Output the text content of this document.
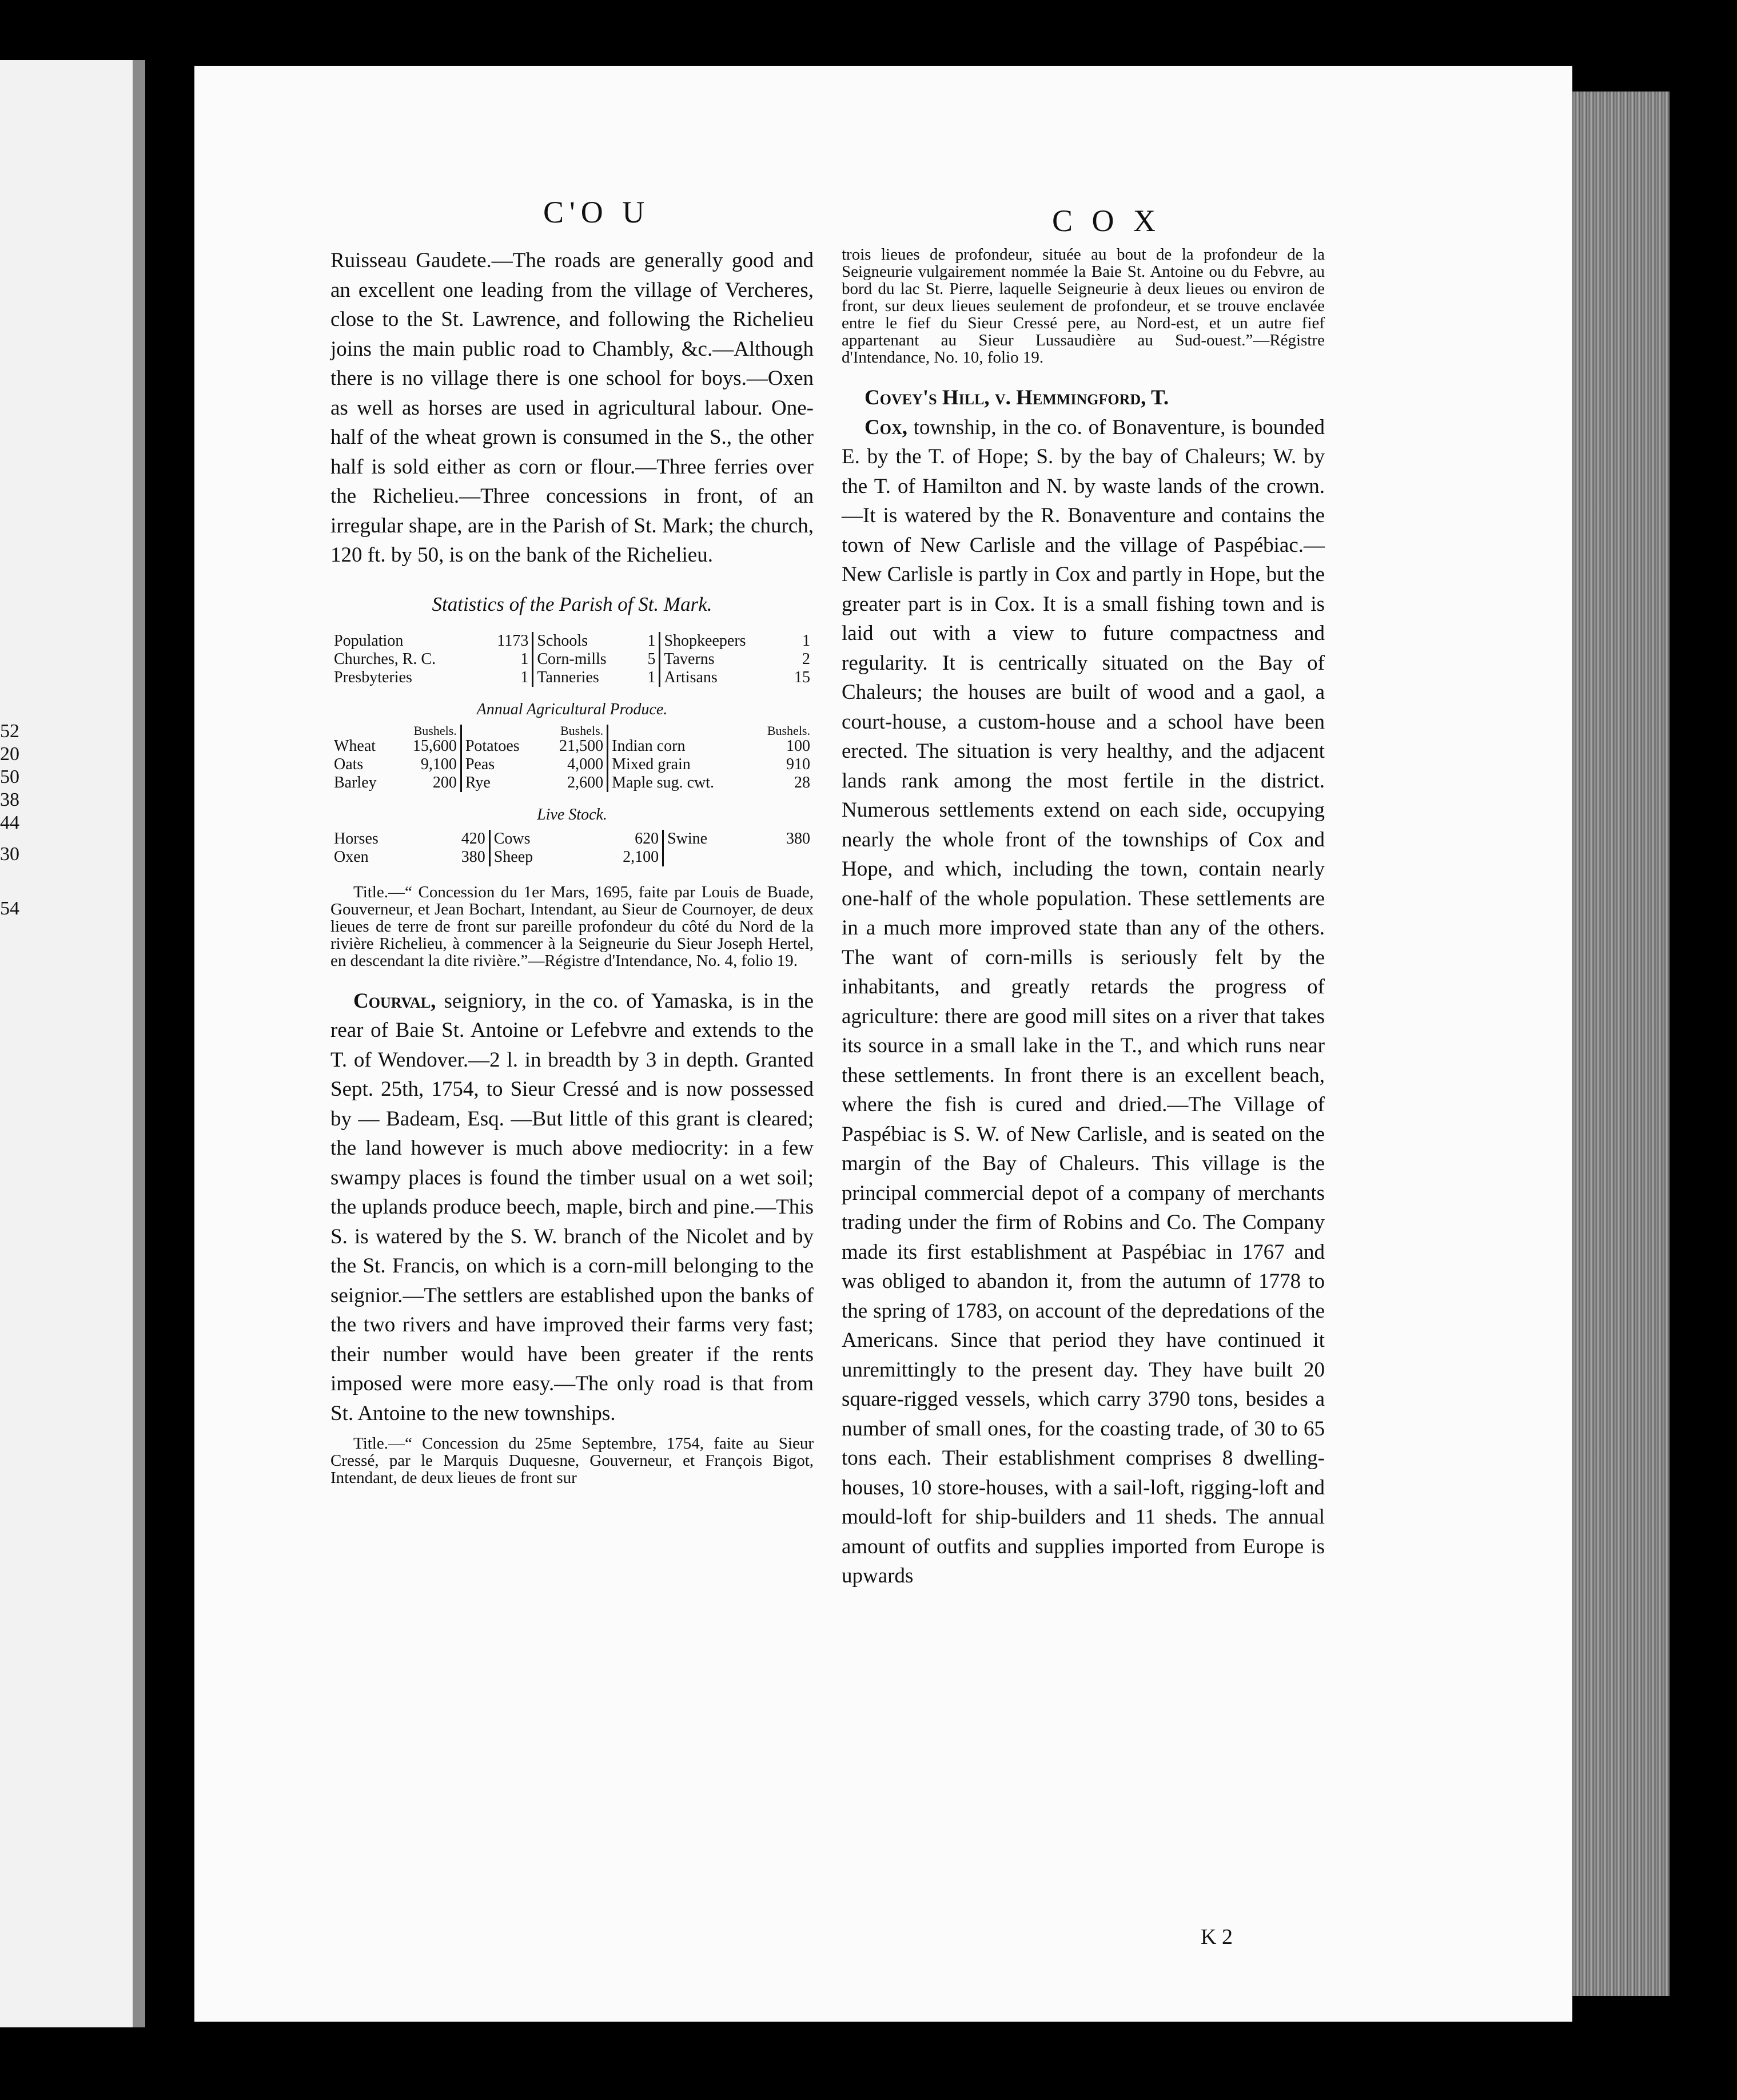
52
20
50
38
44
30
54
C'O U	C O X

Ruisseau Gaudete.—The roads are generally good and an excellent one leading from the village of Vercheres, close to the St. Lawrence, and following the Richelieu joins the main public road to Chambly, &c.—Although there is no village there is one school for boys.—Oxen as well as horses are used in agricultural labour. One-half of the wheat grown is consumed in the S., the other half is sold either as corn or flour.—Three ferries over the Richelieu.—Three concessions in front, of an irregular shape, are in the Parish of St. Mark; the church, 120 ft. by 50, is on the bank of the Richelieu.

Statistics of the Parish of St. Mark.
Population	1173	Schools	1	Shopkeepers	1
Churches, R. C.	1	Corn-mills	5	Taverns	2
Presbyteries	1	Tanneries	1	Artisans	15
Annual Agricultural Produce.
	Bushels.		Bushels.		Bushels.
Wheat	15,600	Potatoes	21,500	Indian corn	100
Oats	9,100	Peas	4,000	Mixed grain	910
Barley	200	Rye	2,600	Maple sug. cwt.	28
Live Stock.
Horses	420	Cows	620	Swine	380
Oxen	380	Sheep	2,100		

Title.—“ Concession du 1er Mars, 1695, faite par Louis de Buade, Gouverneur, et Jean Bochart, Intendant, au Sieur de Cournoyer, de deux lieues de terre de front sur pareille profondeur du côté du Nord de la rivière Richelieu, à commencer à la Seigneurie du Sieur Joseph Hertel, en descendant la dite rivière.”—Régistre d'Intendance, No. 4, folio 19.

Courval, seigniory, in the co. of Yamaska, is in the rear of Baie St. Antoine or Lefebvre and extends to the T. of Wendover.—2 l. in breadth by 3 in depth. Granted Sept. 25th, 1754, to Sieur Cressé and is now possessed by — Badeam, Esq. —But little of this grant is cleared; the land however is much above mediocrity: in a few swampy places is found the timber usual on a wet soil; the uplands produce beech, maple, birch and pine.—This S. is watered by the S. W. branch of the Nicolet and by the St. Francis, on which is a corn-mill belonging to the seignior.—The settlers are established upon the banks of the two rivers and have improved their farms very fast; their number would have been greater if the rents imposed were more easy.—The only road is that from St. Antoine to the new townships.

Title.—“ Concession du 25me Septembre, 1754, faite au Sieur Cressé, par le Marquis Duquesne, Gouverneur, et François Bigot, Intendant, de deux lieues de front sur

trois lieues de profondeur, située au bout de la profondeur de la Seigneurie vulgairement nommée la Baie St. Antoine ou du Febvre, au bord du lac St. Pierre, laquelle Seigneurie à deux lieues ou environ de front, sur deux lieues seulement de profondeur, et se trouve enclavée entre le fief du Sieur Cressé pere, au Nord-est, et un autre fief appartenant au Sieur Lussaudière au Sud-ouest.”—Régistre d'Intendance, No. 10, folio 19.

Covey's Hill, v. Hemmingford, T.

Cox, township, in the co. of Bonaventure, is bounded E. by the T. of Hope; S. by the bay of Chaleurs; W. by the T. of Hamilton and N. by waste lands of the crown.—It is watered by the R. Bonaventure and contains the town of New Carlisle and the village of Paspébiac.—New Carlisle is partly in Cox and partly in Hope, but the greater part is in Cox. It is a small fishing town and is laid out with a view to future compactness and regularity. It is centrically situated on the Bay of Chaleurs; the houses are built of wood and a gaol, a court-house, a custom-house and a school have been erected. The situation is very healthy, and the adjacent lands rank among the most fertile in the district. Numerous settlements extend on each side, occupying nearly the whole front of the townships of Cox and Hope, and which, including the town, contain nearly one-half of the whole population. These settlements are in a much more improved state than any of the others. The want of corn-mills is seriously felt by the inhabitants, and greatly retards the progress of agriculture: there are good mill sites on a river that takes its source in a small lake in the T., and which runs near these settlements. In front there is an excellent beach, where the fish is cured and dried.—The Village of Paspébiac is S. W. of New Carlisle, and is seated on the margin of the Bay of Chaleurs. This village is the principal commercial depot of a company of merchants trading under the firm of Robins and Co. The Company made its first establishment at Paspébiac in 1767 and was obliged to abandon it, from the autumn of 1778 to the spring of 1783, on account of the depredations of the Americans. Since that period they have continued it unremittingly to the present day. They have built 20 square-rigged vessels, which carry 3790 tons, besides a number of small ones, for the coasting trade, of 30 to 65 tons each. Their establishment comprises 8 dwelling-houses, 10 store-houses, with a sail-loft, rigging-loft and mould-loft for ship-builders and 11 sheds. The annual amount of outfits and supplies imported from Europe is upwards

K 2
